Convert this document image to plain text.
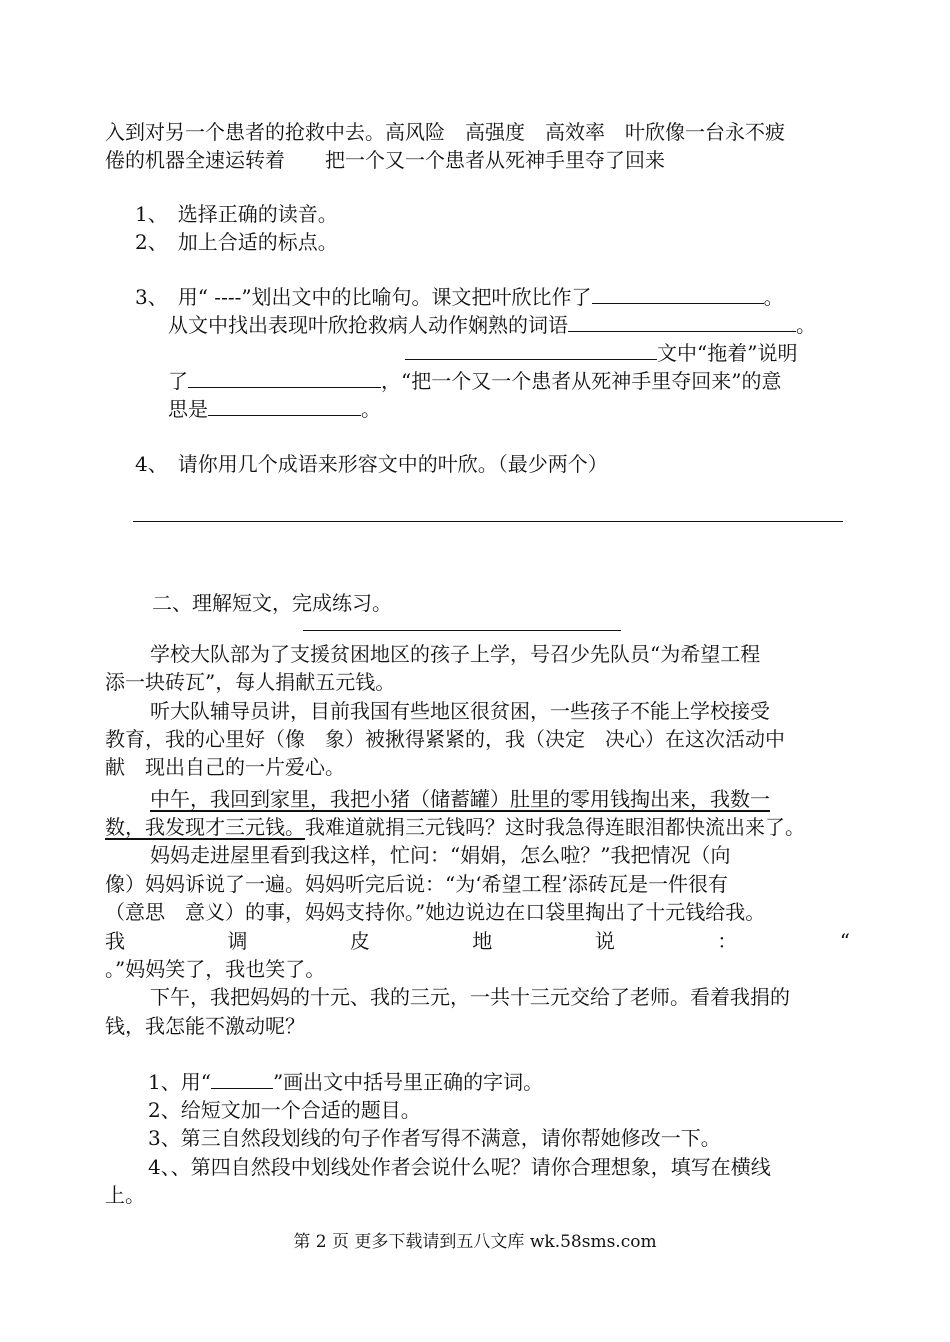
入到对另一个患者的抢救中去。高风险　高强度　高效率　叶欣像一台永不疲
倦的机器全速运转着　　把一个又一个患者从死神手里夺了回来
1、　选择正确的读音。
2、　加上合适的标点。
3、　用“ ----”划出文中的比喻句。课文把叶欣比作了	。
从文中找出表现叶欣抢救病人动作娴熟的词语	。
文中“拖着”说明
了	，“把一个又一个患者从死神手里夺回来”的意
思是	。
4、　请你用几个成语来形容文中的叶欣。（最少两个）
二、理解短文，完成练习。
学校大队部为了支援贫困地区的孩子上学，号召少先队员“为希望工程
添一块砖瓦”，每人捐献五元钱。
听大队辅导员讲，目前我国有些地区很贫困，一些孩子不能上学校接受
教育，我的心里好（像　象）被揪得紧紧的，我（决定　决心）在这次活动中
献　现出自己的一片爱心。
中午，我回到家里，我把小猪（储蓄罐）肚里的零用钱掏出来，我数一
数，我发现才三元钱。我难道就捐三元钱吗？这时我急得连眼泪都快流出来了。
妈妈走进屋里看到我这样，忙问：“娟娟，怎么啦？”我把情况（向
像）妈妈诉说了一遍。妈妈听完后说：“为‘希望工程’添砖瓦是一件很有
（意思　意义）的事，妈妈支持你。”她边说边在口袋里掏出了十元钱给我。
我	调	皮	地	说	：	“
。”妈妈笑了，我也笑了。
下午，我把妈妈的十元、我的三元，一共十三元交给了老师。看着我捐的
钱，我怎能不激动呢？
1、用“	”画出文中括号里正确的字词。
2、给短文加一个合适的题目。
3、第三自然段划线的句子作者写得不满意，请你帮她修改一下。
4、、第四自然段中划线处作者会说什么呢？请你合理想象，填写在横线
上。
第 2 页 更多下载请到五八文库 wk.58sms.com
